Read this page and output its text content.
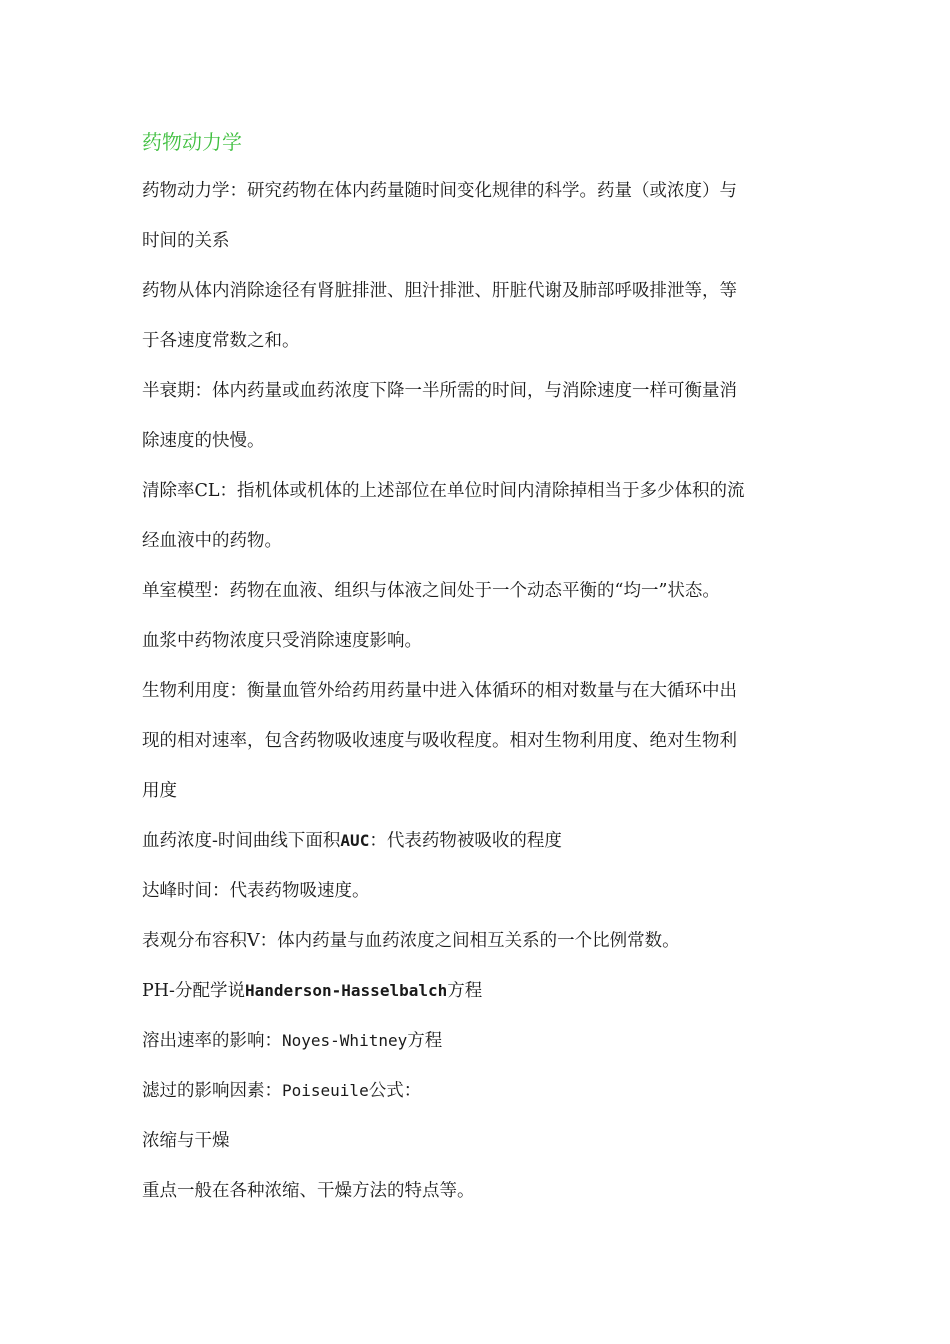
药物动力学
药物动力学：研究药物在体内药量随时间变化规律的科学。药量（或浓度）与
时间的关系
药物从体内消除途径有肾脏排泄、胆汁排泄、肝脏代谢及肺部呼吸排泄等，等
于各速度常数之和。
半衰期：体内药量或血药浓度下降一半所需的时间，与消除速度一样可衡量消
除速度的快慢。
清除率CL：指机体或机体的上述部位在单位时间内清除掉相当于多少体积的流
经血液中的药物。
单室模型：药物在血液、组织与体液之间处于一个动态平衡的“均一”状态。
血浆中药物浓度只受消除速度影响。
生物利用度：衡量血管外给药用药量中进入体循环的相对数量与在大循环中出
现的相对速率，包含药物吸收速度与吸收程度。相对生物利用度、绝对生物利
用度
血药浓度-时间曲线下面积AUC：代表药物被吸收的程度
达峰时间：代表药物吸速度。
表观分布容积V：体内药量与血药浓度之间相互关系的一个比例常数。
PH-分配学说Handerson-Hasselbalch方程
溶出速率的影响：Noyes-Whitney方程
滤过的影响因素：Poiseuile公式：
浓缩与干燥
重点一般在各种浓缩、干燥方法的特点等。
